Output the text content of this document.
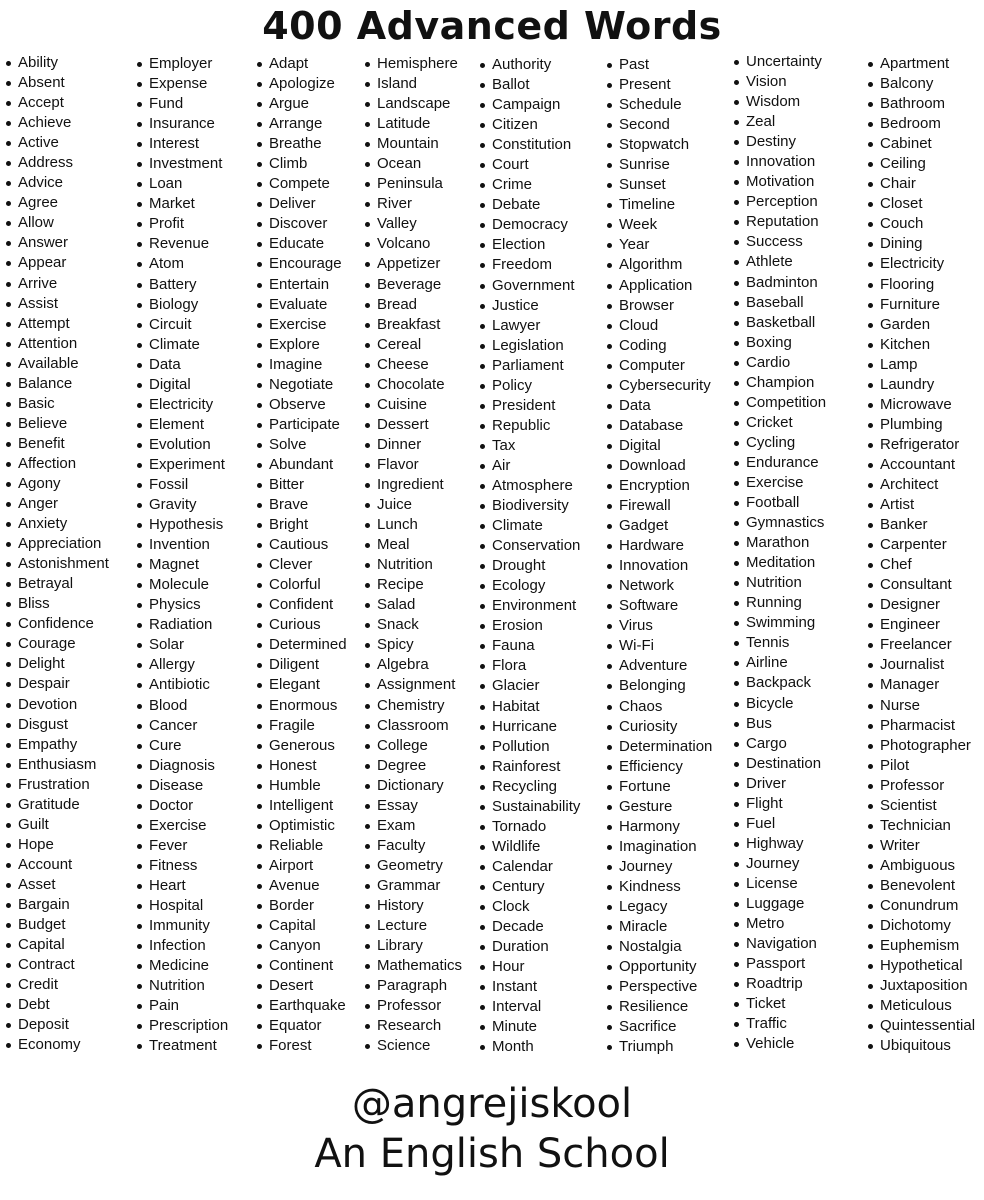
400 Advanced Words
Ability
Absent
Accept
Achieve
Active
Address
Advice
Agree
Allow
Answer
Appear
Arrive
Assist
Attempt
Attention
Available
Balance
Basic
Believe
Benefit
Affection
Agony
Anger
Anxiety
Appreciation
Astonishment
Betrayal
Bliss
Confidence
Courage
Delight
Despair
Devotion
Disgust
Empathy
Enthusiasm
Frustration
Gratitude
Guilt
Hope
Account
Asset
Bargain
Budget
Capital
Contract
Credit
Debt
Deposit
Economy
Employer
Expense
Fund
Insurance
Interest
Investment
Loan
Market
Profit
Revenue
Atom
Battery
Biology
Circuit
Climate
Data
Digital
Electricity
Element
Evolution
Experiment
Fossil
Gravity
Hypothesis
Invention
Magnet
Molecule
Physics
Radiation
Solar
Allergy
Antibiotic
Blood
Cancer
Cure
Diagnosis
Disease
Doctor
Exercise
Fever
Fitness
Heart
Hospital
Immunity
Infection
Medicine
Nutrition
Pain
Prescription
Treatment
Adapt
Apologize
Argue
Arrange
Breathe
Climb
Compete
Deliver
Discover
Educate
Encourage
Entertain
Evaluate
Exercise
Explore
Imagine
Negotiate
Observe
Participate
Solve
Abundant
Bitter
Brave
Bright
Cautious
Clever
Colorful
Confident
Curious
Determined
Diligent
Elegant
Enormous
Fragile
Generous
Honest
Humble
Intelligent
Optimistic
Reliable
Airport
Avenue
Border
Capital
Canyon
Continent
Desert
Earthquake
Equator
Forest
Hemisphere
Island
Landscape
Latitude
Mountain
Ocean
Peninsula
River
Valley
Volcano
Appetizer
Beverage
Bread
Breakfast
Cereal
Cheese
Chocolate
Cuisine
Dessert
Dinner
Flavor
Ingredient
Juice
Lunch
Meal
Nutrition
Recipe
Salad
Snack
Spicy
Algebra
Assignment
Chemistry
Classroom
College
Degree
Dictionary
Essay
Exam
Faculty
Geometry
Grammar
History
Lecture
Library
Mathematics
Paragraph
Professor
Research
Science
Authority
Ballot
Campaign
Citizen
Constitution
Court
Crime
Debate
Democracy
Election
Freedom
Government
Justice
Lawyer
Legislation
Parliament
Policy
President
Republic
Tax
Air
Atmosphere
Biodiversity
Climate
Conservation
Drought
Ecology
Environment
Erosion
Fauna
Flora
Glacier
Habitat
Hurricane
Pollution
Rainforest
Recycling
Sustainability
Tornado
Wildlife
Calendar
Century
Clock
Decade
Duration
Hour
Instant
Interval
Minute
Month
Past
Present
Schedule
Second
Stopwatch
Sunrise
Sunset
Timeline
Week
Year
Algorithm
Application
Browser
Cloud
Coding
Computer
Cybersecurity
Data
Database
Digital
Download
Encryption
Firewall
Gadget
Hardware
Innovation
Network
Software
Virus
Wi-Fi
Adventure
Belonging
Chaos
Curiosity
Determination
Efficiency
Fortune
Gesture
Harmony
Imagination
Journey
Kindness
Legacy
Miracle
Nostalgia
Opportunity
Perspective
Resilience
Sacrifice
Triumph
Uncertainty
Vision
Wisdom
Zeal
Destiny
Innovation
Motivation
Perception
Reputation
Success
Athlete
Badminton
Baseball
Basketball
Boxing
Cardio
Champion
Competition
Cricket
Cycling
Endurance
Exercise
Football
Gymnastics
Marathon
Meditation
Nutrition
Running
Swimming
Tennis
Airline
Backpack
Bicycle
Bus
Cargo
Destination
Driver
Flight
Fuel
Highway
Journey
License
Luggage
Metro
Navigation
Passport
Roadtrip
Ticket
Traffic
Vehicle
Apartment
Balcony
Bathroom
Bedroom
Cabinet
Ceiling
Chair
Closet
Couch
Dining
Electricity
Flooring
Furniture
Garden
Kitchen
Lamp
Laundry
Microwave
Plumbing
Refrigerator
Accountant
Architect
Artist
Banker
Carpenter
Chef
Consultant
Designer
Engineer
Freelancer
Journalist
Manager
Nurse
Pharmacist
Photographer
Pilot
Professor
Scientist
Technician
Writer
Ambiguous
Benevolent
Conundrum
Dichotomy
Euphemism
Hypothetical
Juxtaposition
Meticulous
Quintessential
Ubiquitous
@angrejiskool
An English School
